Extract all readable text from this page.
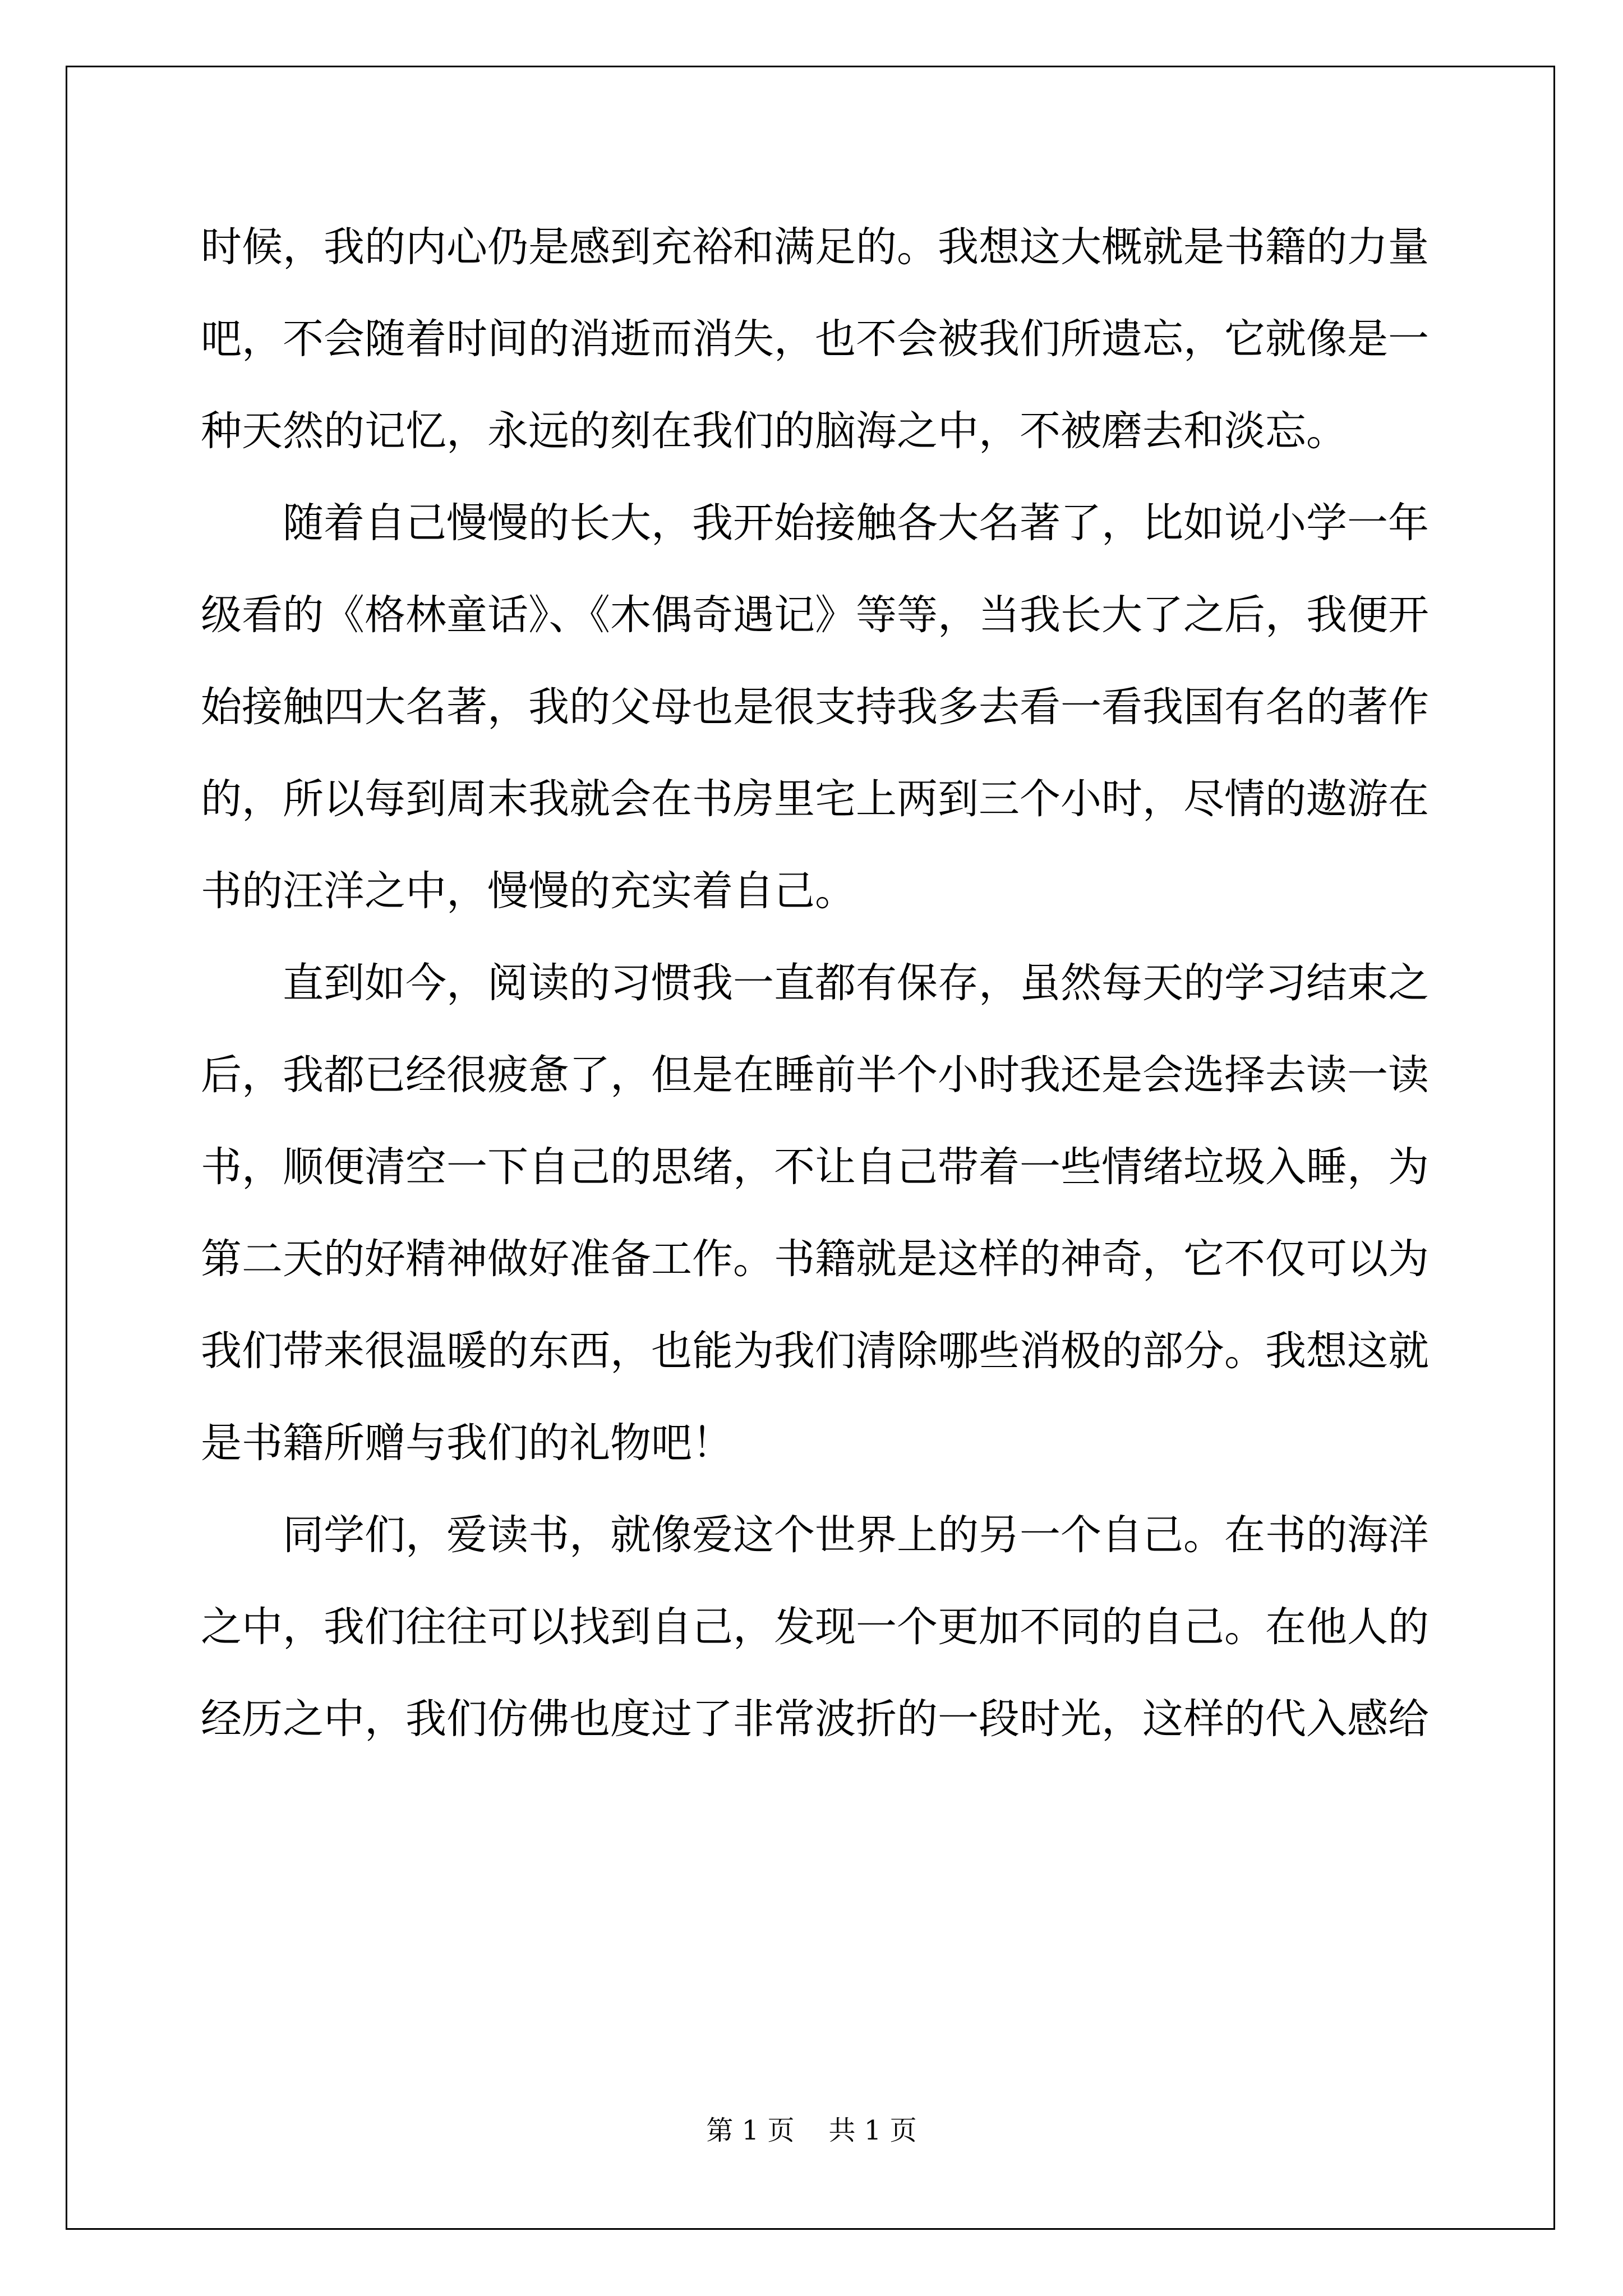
时候，我的内心仍是感到充裕和满足的。我想这大概就是书籍的力量
吧，不会随着时间的消逝而消失，也不会被我们所遗忘，它就像是一
种天然的记忆，永远的刻在我们的脑海之中，不被磨去和淡忘。
随着自己慢慢的长大，我开始接触各大名著了，比如说小学一年
级看的《格林童话》、《木偶奇遇记》等等，当我长大了之后，我便开
始接触四大名著，我的父母也是很支持我多去看一看我国有名的著作
的，所以每到周末我就会在书房里宅上两到三个小时，尽情的遨游在
书的汪洋之中，慢慢的充实着自己。
直到如今，阅读的习惯我一直都有保存，虽然每天的学习结束之
后，我都已经很疲惫了，但是在睡前半个小时我还是会选择去读一读
书，顺便清空一下自己的思绪，不让自己带着一些情绪垃圾入睡，为
第二天的好精神做好准备工作。书籍就是这样的神奇，它不仅可以为
我们带来很温暖的东西，也能为我们清除哪些消极的部分。我想这就
是书籍所赠与我们的礼物吧！
同学们，爱读书，就像爱这个世界上的另一个自己。在书的海洋
之中，我们往往可以找到自己，发现一个更加不同的自己。在他人的
经历之中，我们仿佛也度过了非常波折的一段时光，这样的代入感给
第 1 页    共 1 页
